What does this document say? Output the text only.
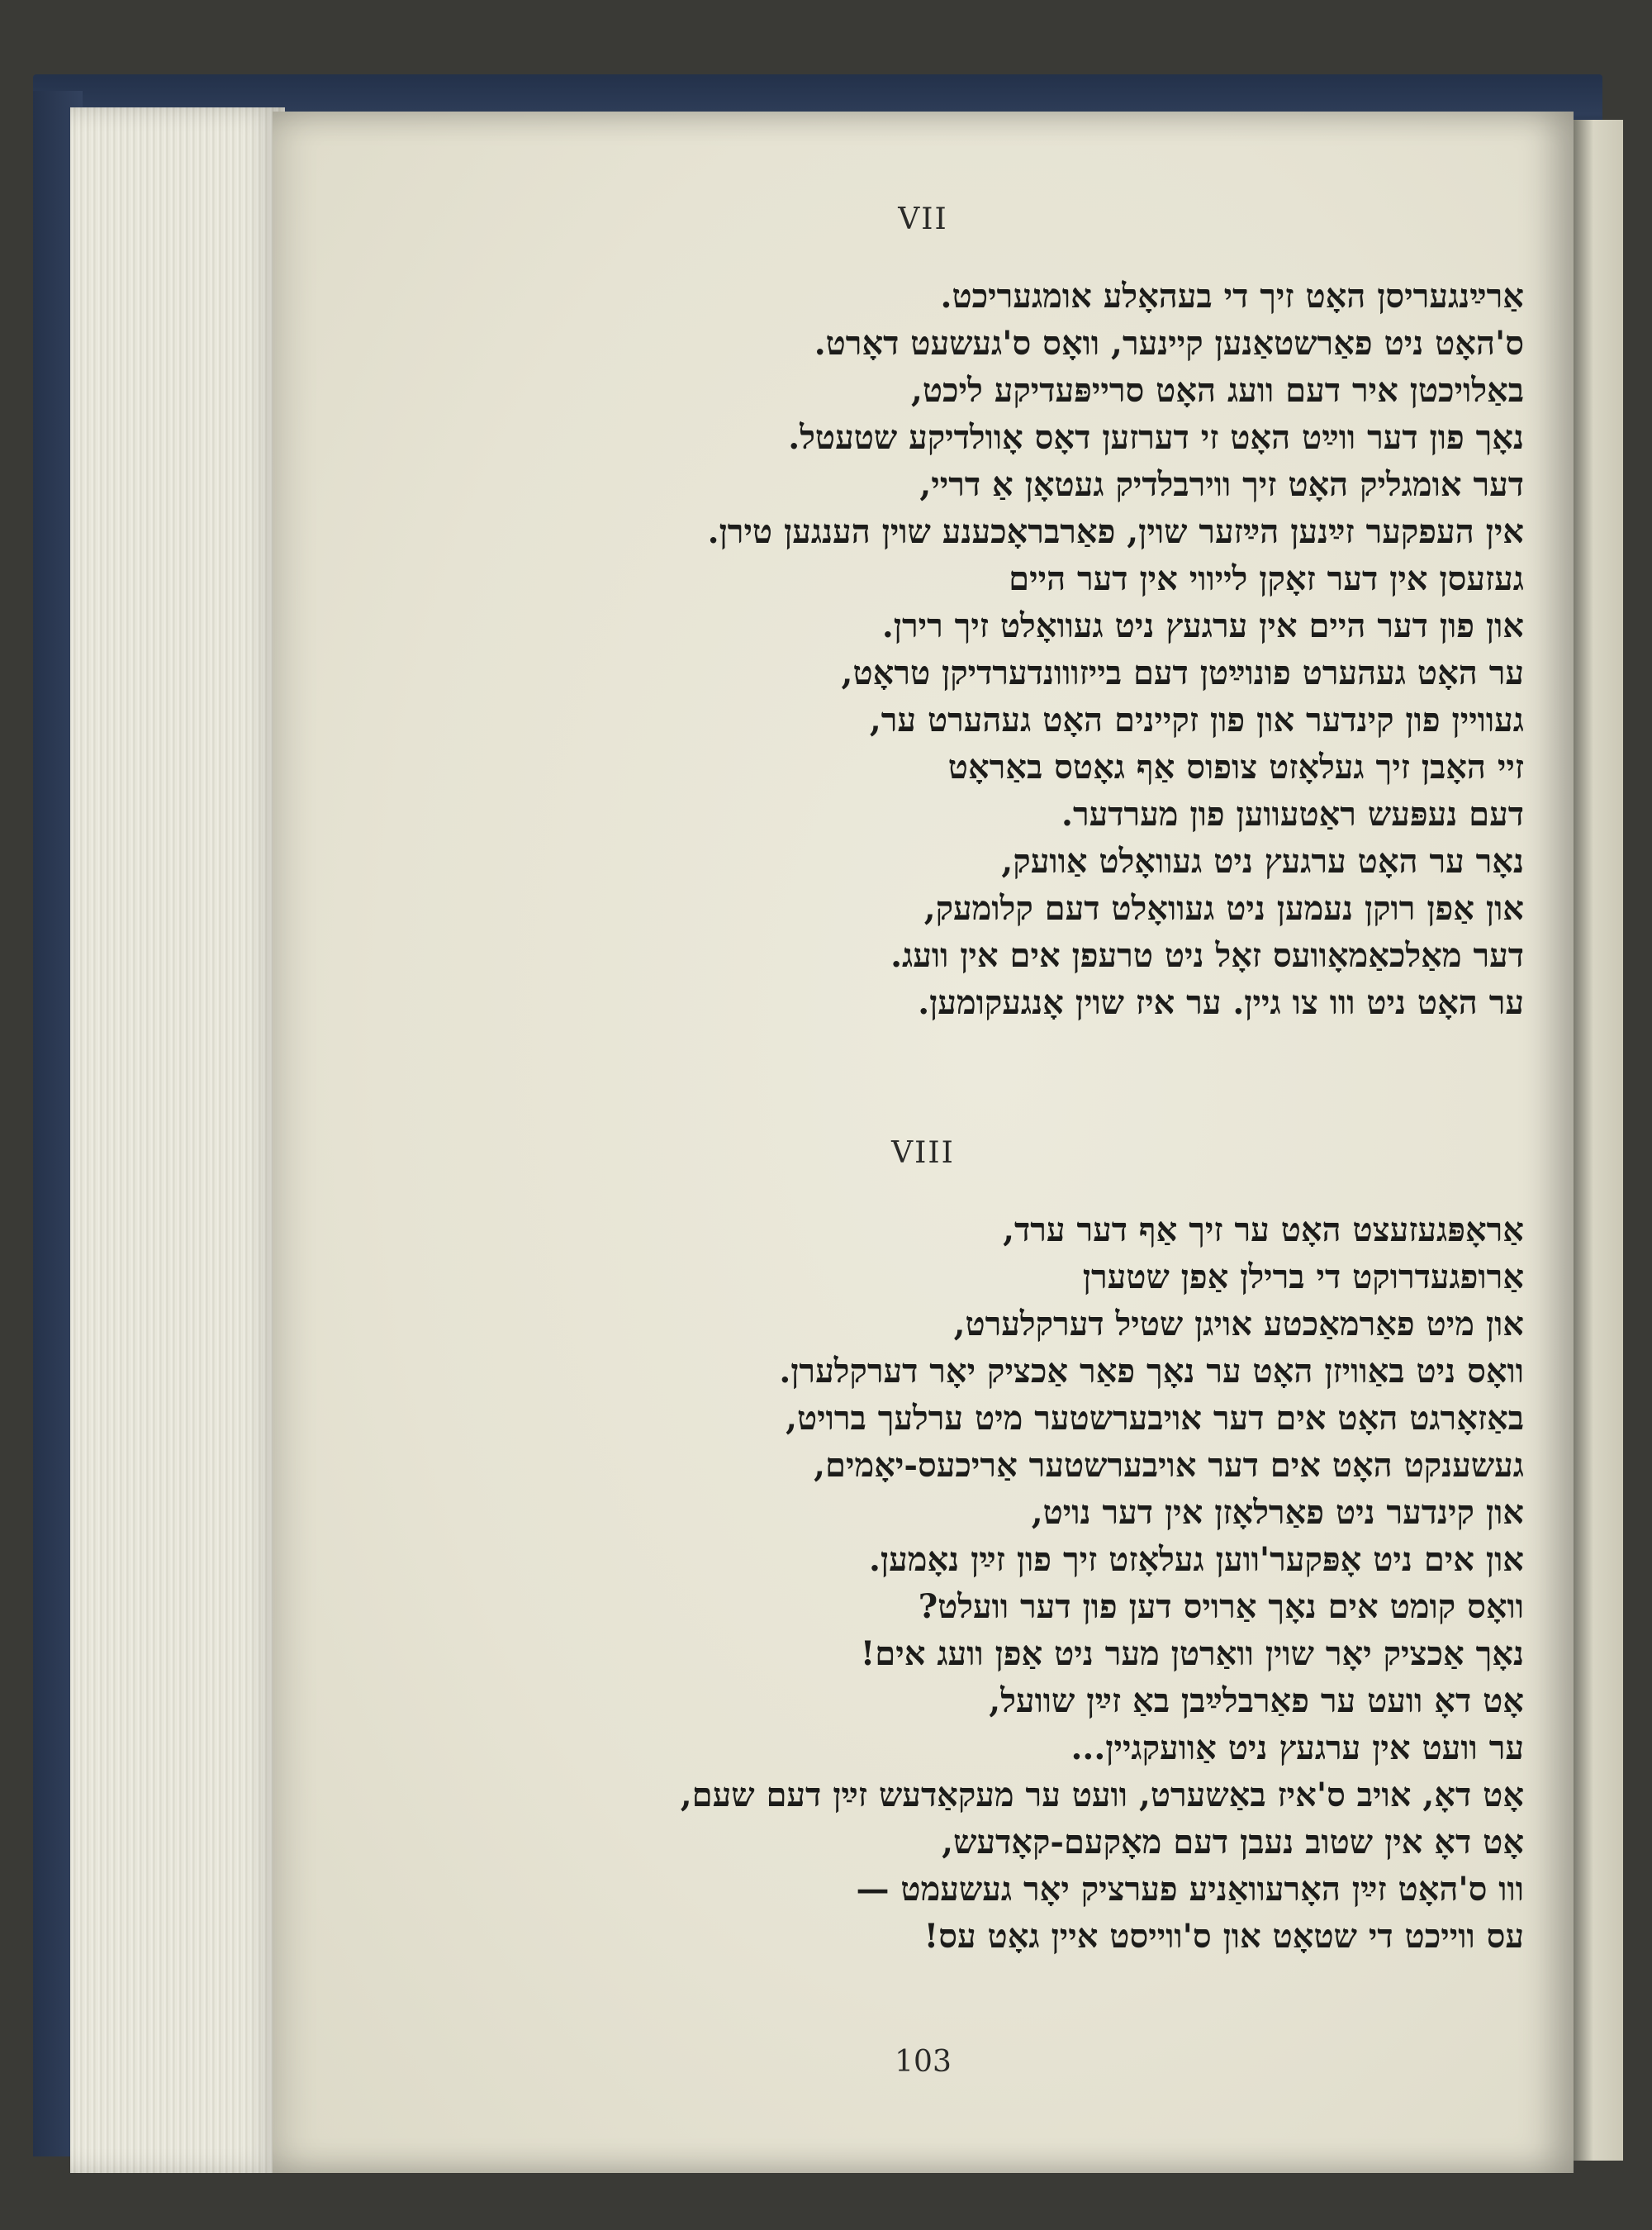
VII
אַרײַנגעריסן האָט זיך די בעהאָלע אומגעריכט.
ס'האָט ניט פאַרשטאַנען קיינער, וואָס ס'געשעט דאָרט.
באַלויכטן איר דעם וועג האָט סרייפּעדיקע ליכט,
נאָך פון דער ווײַט האָט זי דערזען דאָס אָוולדיקע שטעטל.
דער אומגליק האָט זיך ווירבלדיק געטאָן אַ דריי,
אין העפקער זײַנען הײַזער שוין, פאַרבראָכענע שוין הענגען טירן.
געזעסן אין דער זאָקן לייווי אין דער היים
און פון דער היים אין ערגעץ ניט געוואָלט זיך רירן.
ער האָט געהערט פונוײַטן דעם בייזווונדערדיקן טראָט,
געוויין פון קינדער און פון זקיינים האָט געהערט ער,
זיי האָבן זיך געלאָזט צופוס אַף גאָטס באַראָט
דעם נעפּעש ראַטעווען פון מערדער.
נאָר ער האָט ערגעץ ניט געוואָלט אַוועק,
און אַפן רוקן נעמען ניט געוואָלט דעם קלומעק,
דער מאַלכאַמאָוועס זאָל ניט טרעפן אים אין וועג.
ער האָט ניט ווו צו גיין. ער איז שוין אָנגעקומען.
VIII
אַראָפּגעזעצט האָט ער זיך אַף דער ערד,
אַרופגעדרוקט די ברילן אַפן שטערן
און מיט פאַרמאַכטע אויגן שטיל דערקלערט,
וואָס ניט באַוויזן האָט ער נאָך פאַר אַכציק יאָר דערקלערן.
באַזאָרגט האָט אים דער אויבערשטער מיט ערלעך ברויט,
געשענקט האָט אים דער אויבערשטער אַריכעס-יאָמים,
און קינדער ניט פאַרלאָזן אין דער נויט,
און אים ניט אָפּקער'ווען געלאָזט זיך פון זײַן נאָמען.
וואָס קומט אים נאָך אַרויס דען פון דער וועלט?
נאָך אַכציק יאָר שוין וואַרטן מער ניט אַפן וועג אים!
אָט דאָ וועט ער פאַרבלײַבן באַ זײַן שוועל,
ער וועט אין ערגעץ ניט אַוועקגיין...
אָט דאָ, אויב ס'איז באַשערט, וועט ער מעקאַדעש זײַן דעם שעם,
אָט דאָ אין שטוב נעבן דעם מאָקעם-קאָדעש,
ווו ס'האָט זײַן האָרעוואַניע פערציק יאָר געשעמט —
עס ווייכט די שטאָט און ס'ווייסט איין גאָט עס!
103
